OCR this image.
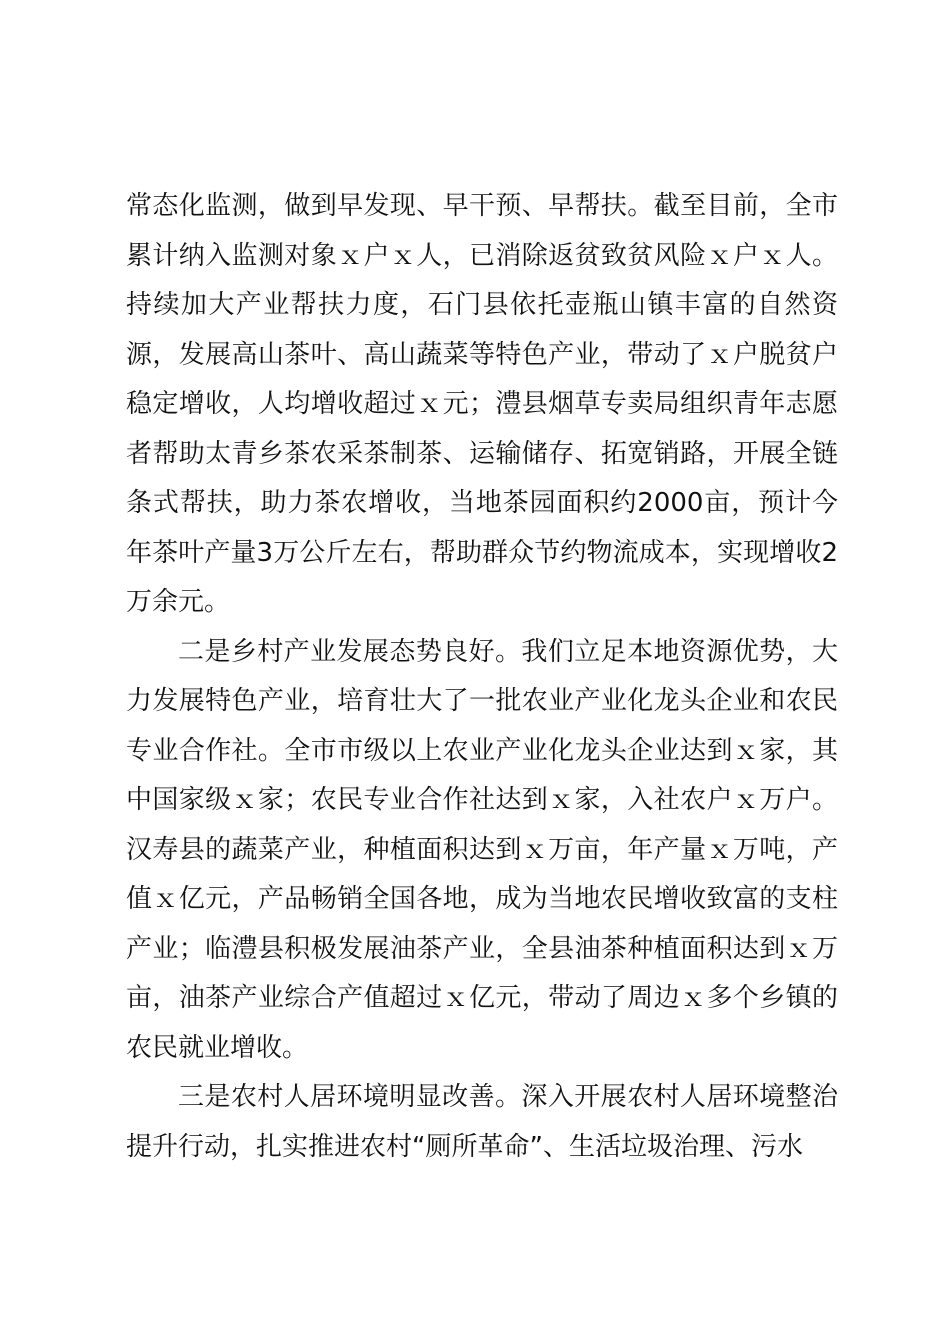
常态化监测，做到早发现、早干预、早帮扶。截至目前，全市累计纳入监测对象ｘ户ｘ人，已消除返贫致贫风险ｘ户ｘ人。持续加大产业帮扶力度，石门县依托壶瓶山镇丰富的自然资源，发展高山茶叶、高山蔬菜等特色产业，带动了ｘ户脱贫户稳定增收，人均增收超过ｘ元；澧县烟草专卖局组织青年志愿者帮助太青乡茶农采茶制茶、运输储存、拓宽销路，开展全链条式帮扶，助力茶农增收，当地茶园面积约2000亩，预计今年茶叶产量3万公斤左右，帮助群众节约物流成本，实现增收2万余元。

二是乡村产业发展态势良好。我们立足本地资源优势，大力发展特色产业，培育壮大了一批农业产业化龙头企业和农民专业合作社。全市市级以上农业产业化龙头企业达到ｘ家，其中国家级ｘ家；农民专业合作社达到ｘ家，入社农户ｘ万户。汉寿县的蔬菜产业，种植面积达到ｘ万亩，年产量ｘ万吨，产值ｘ亿元，产品畅销全国各地，成为当地农民增收致富的支柱产业；临澧县积极发展油茶产业，全县油茶种植面积达到ｘ万亩，油茶产业综合产值超过ｘ亿元，带动了周边ｘ多个乡镇的农民就业增收。

三是农村人居环境明显改善。深入开展农村人居环境整治提升行动，扎实推进农村“厕所革命”、生活垃圾治理、污水
